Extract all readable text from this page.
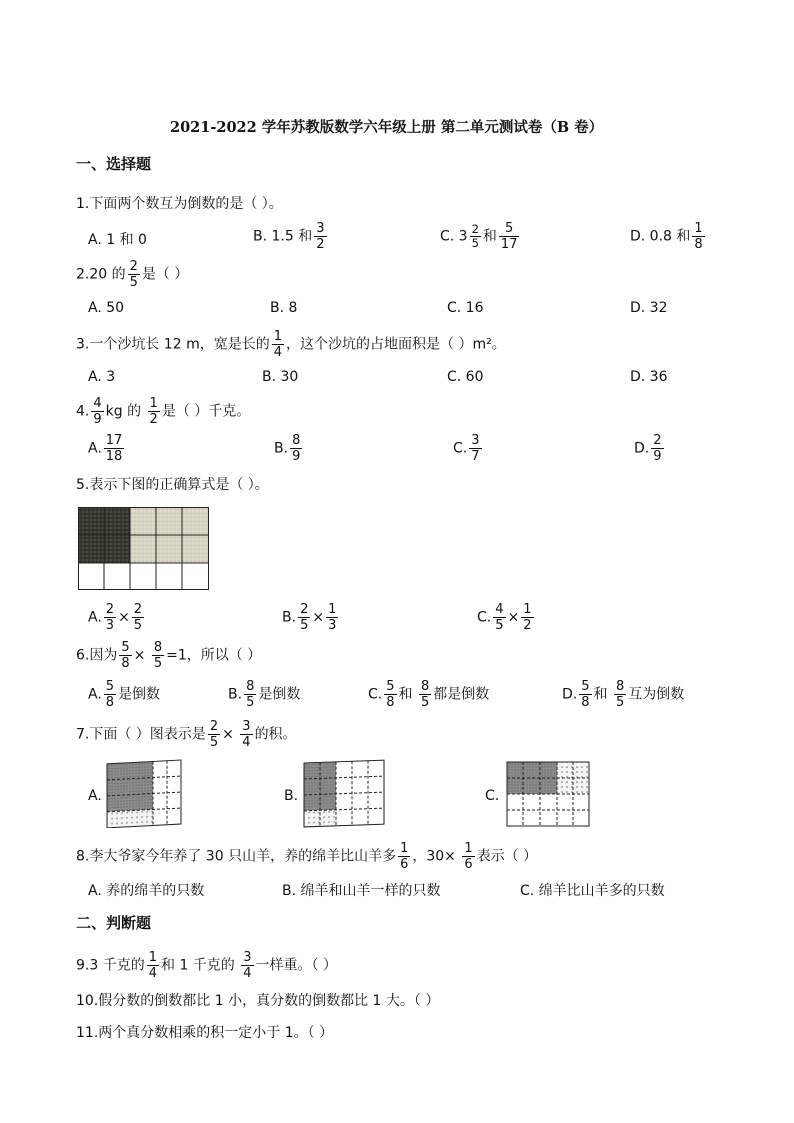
2021-2022 学年苏教版数学六年级上册 第二单元测试卷（B 卷）
一、选择题
1.下面两个数互为倒数的是（ ）。
A. 1 和 0	B. 1.5 和 $\frac{3}{2}$	C. $3 \frac{2}{5}$ 和 $\frac{5}{17}$	D. 0.8 和 $\frac{1}{8}$
2.20 的 $\frac{2}{5}$ 是（ ）
A. 50	B. 8	C. 16	D. 32
3.一个沙坑长 12 m，宽是长的 $\frac{1}{4}$ ，这个沙坑的占地面积是（ ）m²。
A. 3	B. 30	C. 60	D. 36
4. $\frac{4}{9}$ kg 的 $\frac{1}{2}$ 是（ ）千克。
A. $\frac{17}{18}$	B. $\frac{8}{9}$	C. $\frac{3}{7}$	D. $\frac{2}{9}$
5.表示下图的正确算式是（ ）。
A. $\frac{2}{3} \times \frac{2}{5}$	B. $\frac{2}{5} \times \frac{1}{3}$	C. $\frac{4}{5} \times \frac{1}{2}$
6.因为 $\frac{5}{8} \times \frac{8}{5} =1$，所以（ ）
A. $\frac{5}{8}$ 是倒数	B. $\frac{8}{5}$ 是倒数	C. $\frac{5}{8}$ 和 $\frac{8}{5}$ 都是倒数	D. $\frac{5}{8}$ 和 $\frac{8}{5}$ 互为倒数
7.下面（ ）图表示是 $\frac{2}{5} \times \frac{3}{4}$ 的积。
A.	B.	C.
8.李大爷家今年养了 30 只山羊，养的绵羊比山羊多 $\frac{1}{6}$ ，$30\times \frac{1}{6}$ 表示（ ）
A. 养的绵羊的只数	B. 绵羊和山羊一样的只数	C. 绵羊比山羊多的只数
二、判断题
9.3 千克的 $\frac{1}{4}$ 和 1 千克的 $\frac{3}{4}$ 一样重。（ ）
10.假分数的倒数都比 1 小，真分数的倒数都比 1 大。（ ）
11.两个真分数相乘的积一定小于 1。（ ）
